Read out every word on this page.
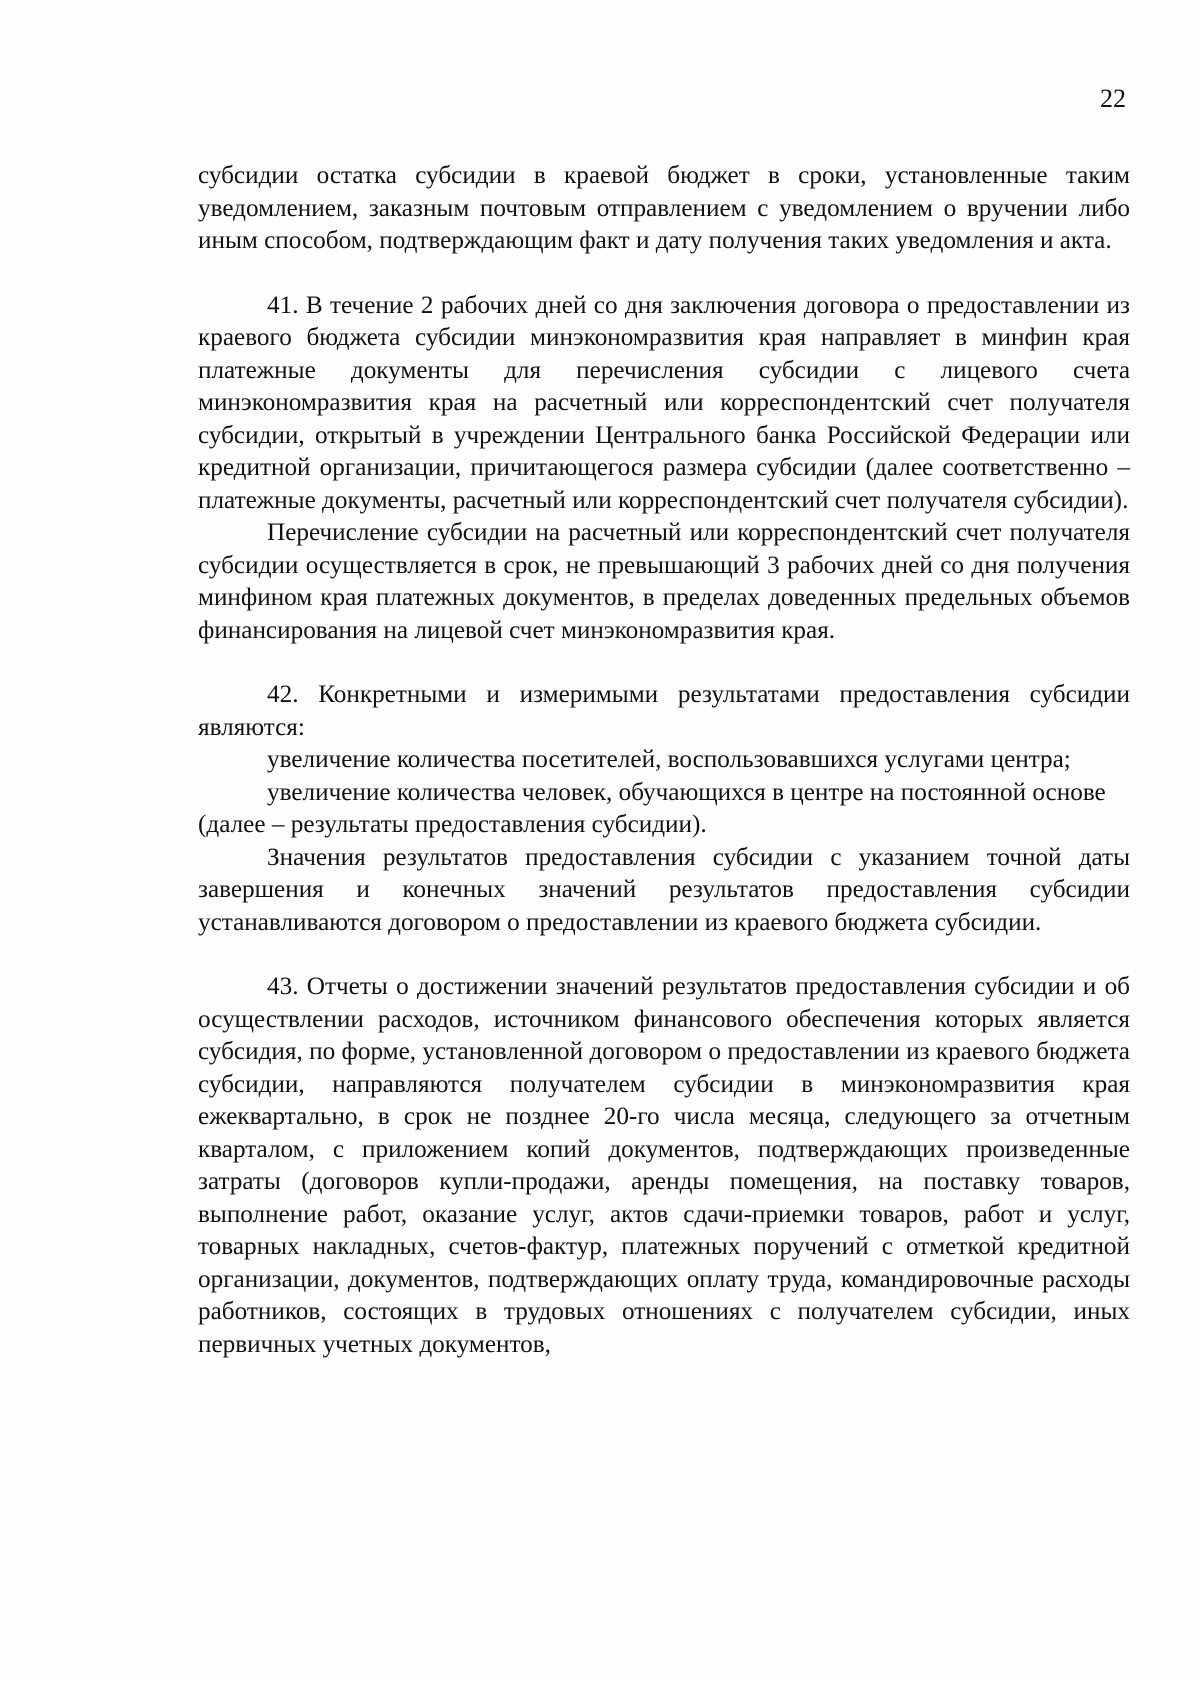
22

субсидии остатка субсидии в краевой бюджет в сроки, установленные таким уведомлением, заказным почтовым отправлением с уведомлением о вручении либо иным способом, подтверждающим факт и дату получения таких уведомления и акта.

41. В течение 2 рабочих дней со дня заключения договора о предоставлении из краевого бюджета субсидии минэкономразвития края направляет в минфин края платежные документы для перечисления субсидии с лицевого счета минэкономразвития края на расчетный или корреспондентский счет получателя субсидии, открытый в учреждении Центрального банка Российской Федерации или кредитной организации, причитающегося размера субсидии (далее соответственно – платежные документы, расчетный или корреспондентский счет получателя субсидии).

Перечисление субсидии на расчетный или корреспондентский счет получателя субсидии осуществляется в срок, не превышающий 3 рабочих дней со дня получения минфином края платежных документов, в пределах доведенных предельных объемов финансирования на лицевой счет минэкономразвития края.

42. Конкретными и измеримыми результатами предоставления субсидии являются:

увеличение количества посетителей, воспользовавшихся услугами центра;

увеличение количества человек, обучающихся в центре на постоянной основе

(далее – результаты предоставления субсидии).

Значения результатов предоставления субсидии с указанием точной даты завершения и конечных значений результатов предоставления субсидии устанавливаются договором о предоставлении из краевого бюджета субсидии.

43. Отчеты о достижении значений результатов предоставления субсидии и об осуществлении расходов, источником финансового обеспечения которых является субсидия, по форме, установленной договором о предоставлении из краевого бюджета субсидии, направляются получателем субсидии в минэкономразвития края ежеквартально, в срок не позднее 20-го числа месяца, следующего за отчетным кварталом, с приложением копий документов, подтверждающих произведенные затраты (договоров купли-продажи, аренды помещения, на поставку товаров, выполнение работ, оказание услуг, актов сдачи-приемки товаров, работ и услуг, товарных накладных, счетов-фактур, платежных поручений с отметкой кредитной организации, документов, подтверждающих оплату труда, командировочные расходы работников, состоящих в трудовых отношениях с получателем субсидии, иных первичных учетных документов,
